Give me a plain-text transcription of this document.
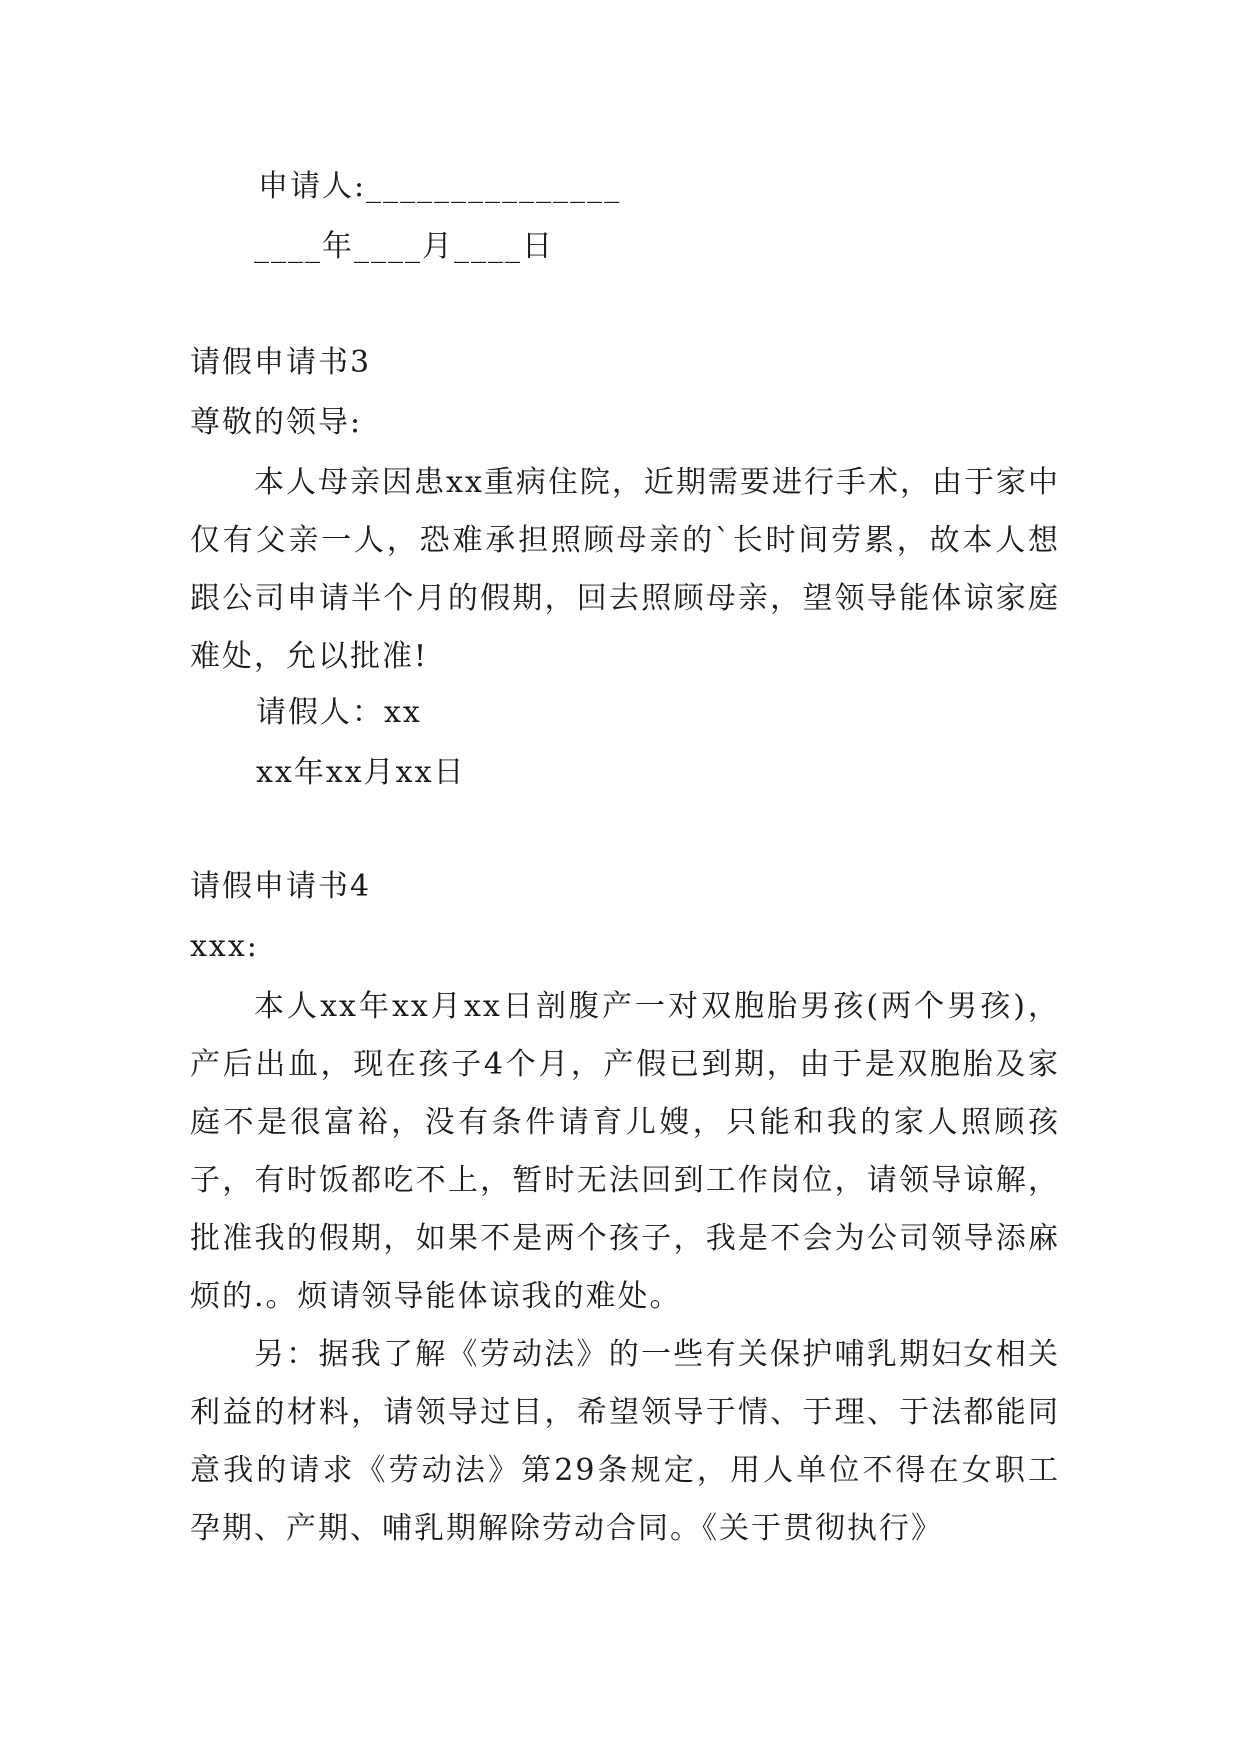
申请人:_______________
____年____月____日
请假申请书3
尊敬的领导:

本人母亲因患xx重病住院，近期需要进行手术，由于家中仅有父亲一人，恐难承担照顾母亲的`长时间劳累，故本人想跟公司申请半个月的假期，回去照顾母亲，望领导能体谅家庭难处，允以批准!

请假人：xx
xx年xx月xx日
请假申请书4
xxx:

本人xx年xx月xx日剖腹产一对双胞胎男孩(两个男孩)，产后出血，现在孩子4个月，产假已到期，由于是双胞胎及家庭不是很富裕，没有条件请育儿嫂，只能和我的家人照顾孩子，有时饭都吃不上，暂时无法回到工作岗位，请领导谅解，批准我的假期，如果不是两个孩子，我是不会为公司领导添麻烦的.。烦请领导能体谅我的难处。

另：据我了解《劳动法》的一些有关保护哺乳期妇女相关利益的材料，请领导过目，希望领导于情、于理、于法都能同意我的请求《劳动法》第29条规定，用人单位不得在女职工孕期、产期、哺乳期解除劳动合同。《关于贯彻执行》
